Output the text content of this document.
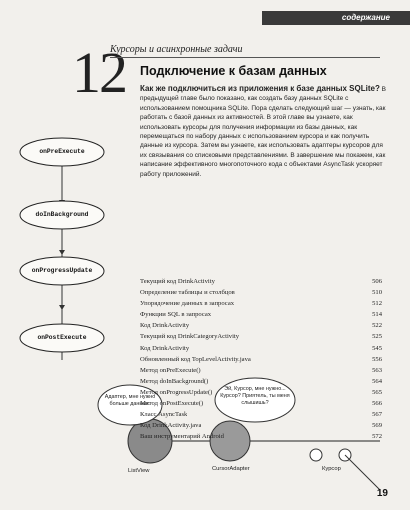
содержание
12
Курсоры и асинхронные задачи
Подключение к базам данных
Как же подключиться из приложения к базе данных SQLite? В предыдущей главе было показано, как создать базу данных SQLite с использованием помощника SQLite. Пора сделать следующий шаг — узнать, как работать с базой данных из активностей. В этой главе вы узнаете, как использовать курсоры для получения информации из базы данных, как перемещаться по набору данных с использованием курсора и как получить данные из курсора. Затем вы узнаете, как использовать адаптеры курсоров для их связывания со списковыми представлениями. В завершение мы покажем, как написание эффективного многопоточного кода с объектами AsyncTask ускоряет работу приложений.
onPreExecute
doInBackground
onProgressUpdate
onPostExecute
Текущий код DrinkActivity	506
Определение таблицы и столбцов	510
Упорядочение данных в запросах	512
Функции SQL в запросах	514
Код DrinkActivity	522
Текущий код DrinkCategoryActivity	525
Код DrinkActivity	545
Обновленный код TopLevelActivity.java	556
Метод onPreExecute()	563
Метод doInBackground()	564
Метод onProgressUpdate()	565
Метод onPostExecute()	566
Класс AsyncTask	567
Код DrinkActivity.java	569
Ваш инструментарий Android	572
Адаптер, мне нужно больше данных.
Эй, Курсор, мне нужно... Курсор? Приятель, ты меня слышишь?
ListView	CursorAdapter	Курсор
19
